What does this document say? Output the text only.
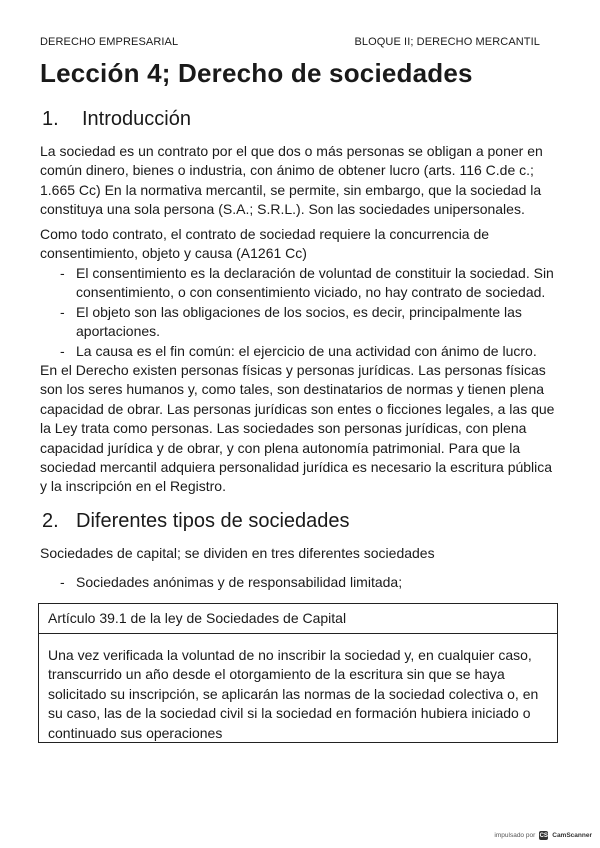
DERECHO EMPRESARIAL	BLOQUE II; DERECHO MERCANTIL
Lección 4; Derecho de sociedades
1. Introducción

La sociedad es un contrato por el que dos o más personas se obligan a poner en común dinero, bienes o industria, con ánimo de obtener lucro (arts. 116 C.de c.; 1.665 Cc) En la normativa mercantil, se permite, sin embargo, que la sociedad la constituya una sola persona (S.A.; S.R.L.). Son las sociedades unipersonales.

Como todo contrato, el contrato de sociedad requiere la concurrencia de consentimiento, objeto y causa (A1261 Cc)

- El consentimiento es la declaración de voluntad de constituir la sociedad. Sin consentimiento, o con consentimiento viciado, no hay contrato de sociedad.
- El objeto son las obligaciones de los socios, es decir, principalmente las aportaciones.
- La causa es el fin común: el ejercicio de una actividad con ánimo de lucro.

En el Derecho existen personas físicas y personas jurídicas. Las personas físicas son los seres humanos y, como tales, son destinatarios de normas y tienen plena capacidad de obrar. Las personas jurídicas son entes o ficciones legales, a las que la Ley trata como personas. Las sociedades son personas jurídicas, con plena capacidad jurídica y de obrar, y con plena autonomía patrimonial. Para que la sociedad mercantil adquiera personalidad jurídica es necesario la escritura pública y la inscripción en el Registro.

2. Diferentes tipos de sociedades

Sociedades de capital; se dividen en tres diferentes sociedades

- Sociedades anónimas y de responsabilidad limitada;
Artículo 39.1 de la ley de Sociedades de Capital
Una vez verificada la voluntad de no inscribir la sociedad y, en cualquier caso, transcurrido un año desde el otorgamiento de la escritura sin que se haya solicitado su inscripción, se aplicarán las normas de la sociedad colectiva o, en su caso, las de la sociedad civil si la sociedad en formación hubiera iniciado o continuado sus operaciones
impulsado por CS CamScanner
